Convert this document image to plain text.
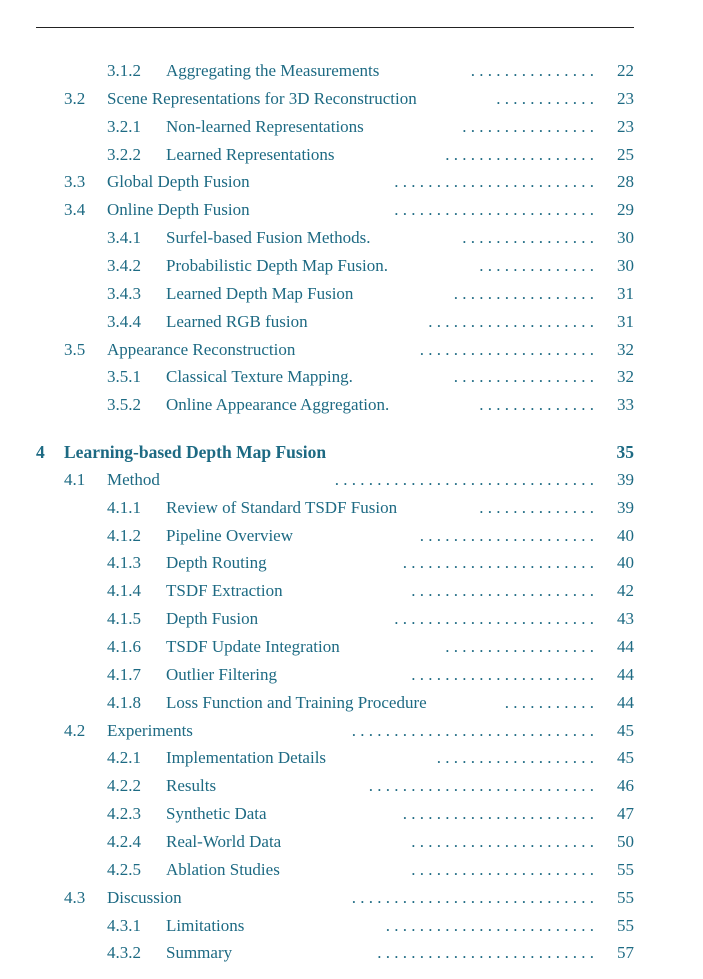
3.1.2 Aggregating the Measurements	22
. . . . . . . . . . . . . . .
3.2 Scene Representations for 3D Reconstruction	23
. . . . . . . . . . . .
3.2.1 Non-learned Representations	23
. . . . . . . . . . . . . . . .
3.2.2 Learned Representations	25
. . . . . . . . . . . . . . . . . .
3.3 Global Depth Fusion	28
. . . . . . . . . . . . . . . . . . . . . . . .
3.4 Online Depth Fusion	29
. . . . . . . . . . . . . . . . . . . . . . . .
3.4.1 Surfel-based Fusion Methods.	30
. . . . . . . . . . . . . . . .
3.4.2 Probabilistic Depth Map Fusion.	30
. . . . . . . . . . . . . .
3.4.3 Learned Depth Map Fusion	31
. . . . . . . . . . . . . . . . .
3.4.4 Learned RGB fusion	31
. . . . . . . . . . . . . . . . . . . .
3.5 Appearance Reconstruction	32
. . . . . . . . . . . . . . . . . . . . .
3.5.1 Classical Texture Mapping.	32
. . . . . . . . . . . . . . . . .
3.5.2 Online Appearance Aggregation.	33
. . . . . . . . . . . . . .
4 Learning-based Depth Map Fusion	35
4.1 Method	39
. . . . . . . . . . . . . . . . . . . . . . . . . . . . . . .
4.1.1 Review of Standard TSDF Fusion	39
. . . . . . . . . . . . . .
4.1.2 Pipeline Overview	40
. . . . . . . . . . . . . . . . . . . . .
4.1.3 Depth Routing	40
. . . . . . . . . . . . . . . . . . . . . . .
4.1.4 TSDF Extraction	42
. . . . . . . . . . . . . . . . . . . . . .
4.1.5 Depth Fusion	43
. . . . . . . . . . . . . . . . . . . . . . . .
4.1.6 TSDF Update Integration	44
. . . . . . . . . . . . . . . . . .
4.1.7 Outlier Filtering	44
. . . . . . . . . . . . . . . . . . . . . .
4.1.8 Loss Function and Training Procedure	44
. . . . . . . . . . .
4.2 Experiments	45
. . . . . . . . . . . . . . . . . . . . . . . . . . . . .
4.2.1 Implementation Details	45
. . . . . . . . . . . . . . . . . . .
4.2.2 Results	46
. . . . . . . . . . . . . . . . . . . . . . . . . . .
4.2.3 Synthetic Data	47
. . . . . . . . . . . . . . . . . . . . . . .
4.2.4 Real-World Data	50
. . . . . . . . . . . . . . . . . . . . . .
4.2.5 Ablation Studies	55
. . . . . . . . . . . . . . . . . . . . . .
4.3 Discussion	55
. . . . . . . . . . . . . . . . . . . . . . . . . . . . .
4.3.1 Limitations	55
. . . . . . . . . . . . . . . . . . . . . . . . .
4.3.2 Summary	57
. . . . . . . . . . . . . . . . . . . . . . . . . .
